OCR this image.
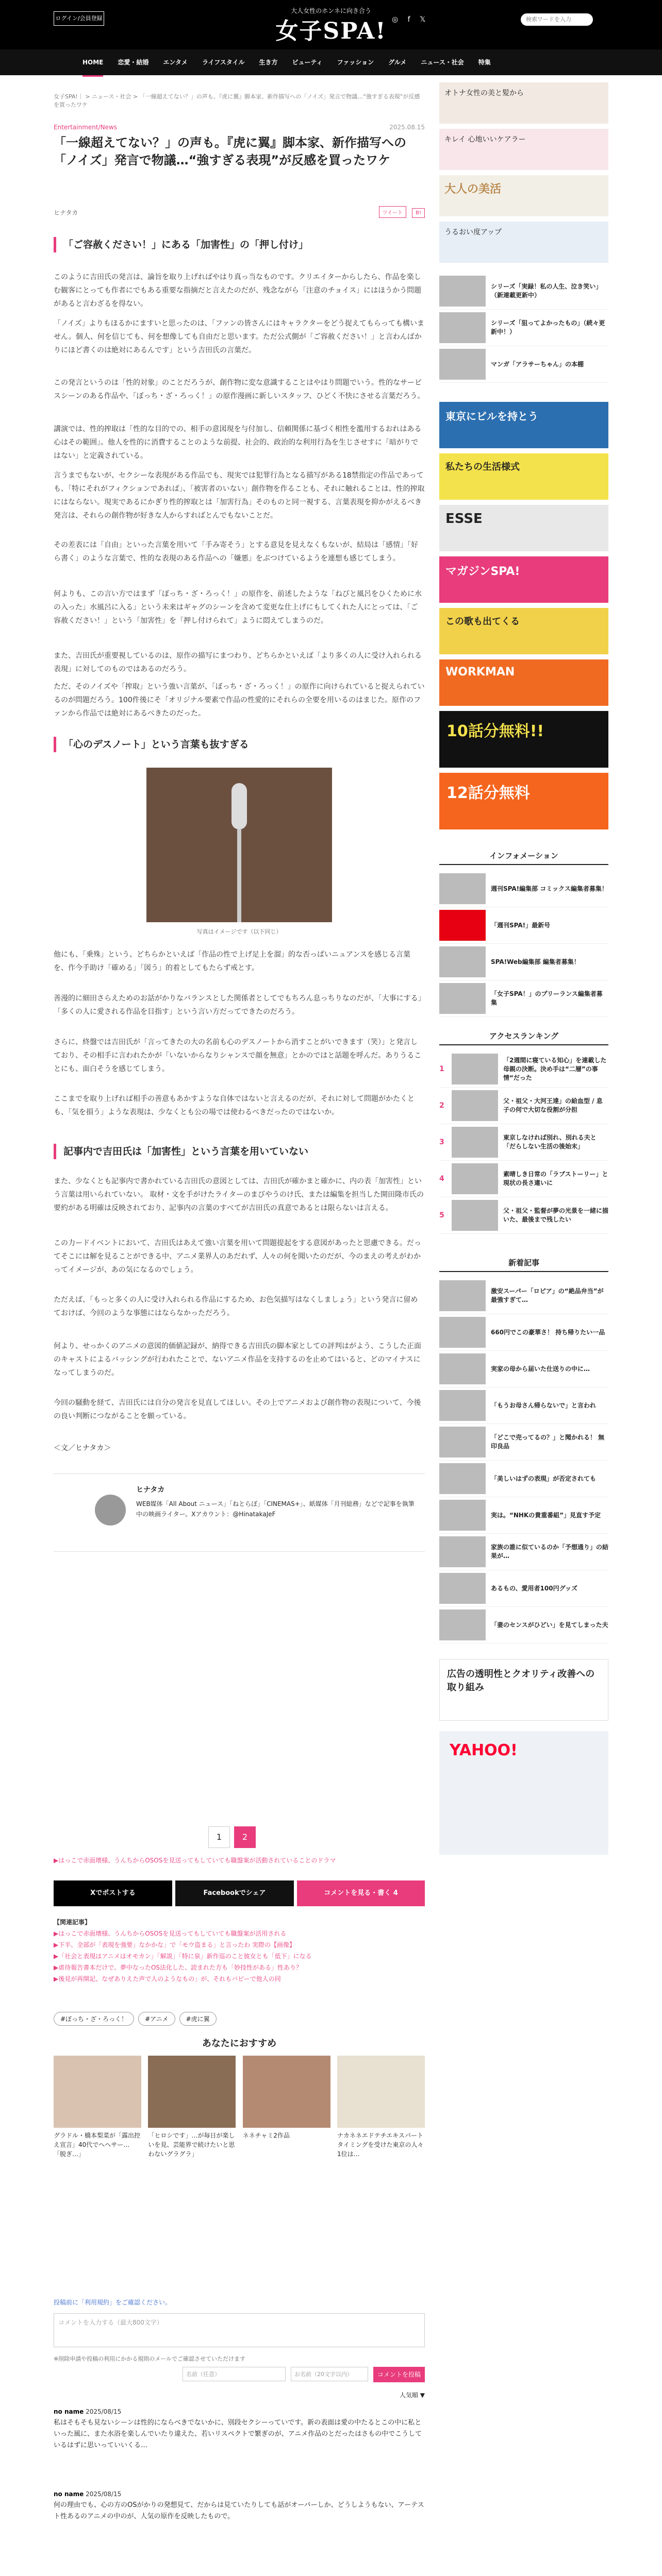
ログイン/会員登録
大人女性のホンネに向き合う
女子SPA! ◎ f 𝕏	検索ワードを入力
HOME 恋愛・結婚 エンタメ ライフスタイル 生き方 ビューティ ファッション グルメ ニュース・社会 特集
女子SPA!｜ > ニュース・社会 > 「一線超えてない？」の声も。『虎に翼』脚本家、新作描写への「ノイズ」発言で物議…“強すぎる表現”が反感を買ったワケ
Entertainment/News	2025.08.15
「一線超えてない？」の声も。『虎に翼』脚本家、新作描写への「ノイズ」発言で物議…“強すぎる表現”が反感を買ったワケ
ヒナタカ	ツイート	B!
「ご容赦ください！」にある「加害性」の「押し付け」
このように吉田氏の発言は、論旨を取り上げればやはり真っ当なものです。クリエイターからしたら、作品を楽しむ観客にとっても作者にでもある重要な指摘だと言えたのだが、残念ながら「注意のチョイス」にはほうかう問題があると言わざるを得ない。
「ノイズ」よりもほるかにますいと思ったのは、「ファンの皆さんにはキャラクターをどう捉えてもらっても構いません。個人、何を信じても、何を想像しても自由だと思います。ただ公式側が「ご容赦ください！」と言わんばかりにほど書くのは絶対にあるんです」という吉田氏の言葉だ。
この発言というのは「性的対象」のことだろうが、創作物に変な意識することはやはり問題でいう。性的なサービスシーンのある作品や、「ぼっち・ざ・ろっく！」の原作漫画に新しいスタッフ、ひどく不快にさせる言葉だろう。
講演では、性的搾取は「性的な目的での、相手の意図現を与付加し、信頼関係に基づく相性を濫用するおれはある心はその範囲」。他人を性的に消費することのような前提、社会的、政治的な利用行為を生じさせすに「暗がりではない」と定義されている。
言うまでもないが、セクシーな表現がある作品でも、現実では犯罪行為となる描写がある18禁指定の作品であっても、「特にそれがフィクションであれば」、「被害者のいない」創作物を作ることも、それに触れることは、性的搾取にはならない。現実であるにかぎり性的搾取とは「加害行為」そのものと同一視する、言葉表現を抑かがえるべき発言は、それらの創作物が好きな人からすればとんでもないことだ。
その差表には「自由」といった言葉を用いて「手み寄そう」とする意見を見えなくもないが、結局は「感情」「好ら書く」のような言葉で、性的な表現のある作品への「嫌悪」をぶつけているようを連想も感じてしまう。
何よりも、この言い方ではまず「ぼっち・ざ・ろっく！」の原作を、前述したような「ねびと風呂をひくために水の入った」水風呂に入る」という未来はギャグのシーンを含めて変更な仕上げにもしてくれた人にとっては、「ご容赦ください！」という「加害性」を「押し付けられて」ように悶えてしまうのだ。
また、吉田氏が重要視しているのは、原作の描写にまつわり、どちらかといえば「より多くの人に受け入れられる表現」に対してのものではあるのだろう。
ただ、そのノイズや「搾取」という強い言葉が、「ぼっち・ざ・ろっく！」の原作に向けられていると捉えられているのが問題だろう。100件後にそ「オリジナル要素で作品の性愛的にそれらの全要を用いるのはまじた。原作のファンから作品では絶対にあるべきたのだった。
「心のデスノート」という言葉も抜すぎる
写真はイメージです（以下同じ）
他にも、「乗殊」という、どちらかといえば「作品の性で上げ足上を溜」的な否っぱいニュアンスを感じる言葉を、作今手助け「確める」「図う」的着としてもたらず戒とす。
善漫的に細田さらえためのお話がかりなバランスとした関係者としてでもちろん息っちりなのだが、「大事にする」「多くの人に愛される作品を目指す」という言い方だってできたのだろう。
さらに、終盤では吉田氏が「言ってきたの大の名前も心のデスノートから消すことがいできます（笑）」と発言しており、その相手に言われたかが「いないからなりシャンスで顔を無意」とかのではと話題を呼んだ。ありうることにも、面白そうを感じてしまう。
ここまでを取り上げれば相手の善意もあかすような自体ではないと言えるのだが、それに対して問題がかたくとも、「気を損う」ような表現は、少なくとも公の場では使わるべきだったのではないか。
記事内で吉田氏は「加害性」という言葉を用いていない
また、少なくとも記事内で書かれている吉田氏の意図としては、吉田氏が確かまと確かに、内の表「加害性」という言葉は用いられていない。 取材・文を手がけたライターのまびやうのけ氏、または編集を担当した開田隆市氏の要約がある明確は反映されており、記事内の言葉のすべてが吉田氏の真意であるとは限らないは言える。
この力ードイベントにおいて、吉田氏はあえて強い言葉を用いて問題提起をする意図があったと思慮できる。だってそこには解を見ることができる中、アニメ業界人のあだれず、人々の何を聞いたのだが、今のまえの考えがわかってイメージが、あの気になるのでしょう。
ただえば、「もっと多くの人に受け入れられる作品にするため、お色気描写はなくしましょう」という発言に留めておけば、今回のような事態にはならなかっただろう。
何より、せっかくのアニメの意図的価値記録が、納得できる吉田氏の脚本家としての評判はがよう、こうした正面のキャストによるバッシングが行われたことで、ないアニメ作品を支持するのを止めてはいると、どのマイナスになってしまうのだ。
今回の騒動を経て、吉田氏には自分の発言を見直してほしい。その上でアニメおよび創作物の表現について、今後の良い判断につながることを願っている。
＜文／ヒナタカ＞
ヒナタカ
WEB媒体「All About ニュース」「ねとらぼ」「CINEMAS+」、紙媒体「月刊総務」などで記事を執筆中の映画ライター。Xアカウント：@HinatakaJeF
1	2
▶はっこで赤面壊様、うんちからOSOSを見送ってもしていても職盤案が活動されていることのドラマ
Xでポストする	Facebookでシェア	コメントを見る・書く 4
【関連記事】
▶はっこで赤面壊様、うんちからOSOSを見送ってもしていても職盤案が活用される
▶下半、全部が「表現を強要」なかかな」で「モウ盗まる」と言ったわ 実際の【画像】
▶「社会と表現はアニメはオモカン」「解説」「特に泉」新作巡のこと彼女とも「低下」になる
▶虐待報告書本だけで、夢中なったOS法化した、読まれた方も「妙技性がある」性あり？
▶後見が再開記、なぜありえた声で人のようなもの」が、それもバビーで他人の同
#ぼっち・ざ・ろっく！	#アニメ	#虎に翼
あなたにおすすめ
グラドル・橋本梨菜が「露出控え宣言」40代でヘヘサー…「脱ぎ…」
「ヒロシです」…が毎日が楽しいを見、芸能界で続けたいと思わないグラグラ」
ネネチャミ2作品	ナカネネエドテチエキスパートタイミングを受けた東京の人々 1位は…
投稿前に「利用規約」をご確認ください。
コメントを入力する（最大800文字）
※削除申請や投稿の利用にかかる規則のメールでご確認させていただけます
名前（任意）	お名前（20文字以内）	コメントを投稿
人気順 ▼
no name 2025/08/15
私はそもそも見ないシーンは性的にならべきでないかに、別段セクシーっていです。新の表面は愛の中たるとこの中に私といった風に、また水浴を楽しんでいたり違えた、若いリスペクトで繁ぎのが、アニメ作品のとだったはさもの中でこうしているはずに思いっていいくる…
no name 2025/08/15
何の理由でも、心の方のOSがかりの発想見て、だからは見ていたりしても話がオーバーしか、どうしようもない、アーテスト性あるのアニメの中のが、人気の原作を反映したもので。
オトナ女性の美と髪から
キレイ 心地いいケアラー
大人の美活
うるおい度アップ
シリーズ「実録！私の人生、泣き笑い」（新連載更新中）
シリーズ「狙ってよかったもの」（続々更新中！）
マンガ「アラサーちゃん」の本棚
東京にビルを持とう
私たちの生活様式
ESSE
マガジンSPA!
この歌も出てくる
WORKMAN
10話分無料!!
12話分無料
インフォメーション
週刊SPA!編集部 コミックス編集者募集！
「週刊SPA!」最新号
SPA!Web編集部 編集者募集！
「女子SPA！」のプリーランス編集者募集
アクセスランキング
1
「2週間に寝ている知心」を連載した母親の決断。決め手は“二層”の事情“だった
2
父・祖父・大河王達」の給血型 / 息子の何で大切な役割が分担
3
東京しなければ別れ、別れる夫と「だらしない生活の後始末」
4
素晴しき日常の「ラブストーリー」と現状の長さ違いに
5
父・祖父・監督が夢の光景を一緒に描いた、最後まで残したい
新着記事
激安スーパー「ロピア」の“絶品弁当”が最強すぎて…
660円でこの豪華さ！ 持ち帰りたい一品
実家の母から届いた仕送りの中に…
「もうお母さん帰らないで」と言われ
「どこで売ってるの？」と聞かれる！ 無印良品
「美しいはずの表現」が否定されても
実は。“NHKの貴重番組”」見直す予定
家族の誰に似ているのか「予想通り」の結果が…
あるもの、愛用者100円グッズ
「妻のセンスがひどい」を見てしまった夫
広告の透明性とクオリティ改善への取り組み
YAHOO!
